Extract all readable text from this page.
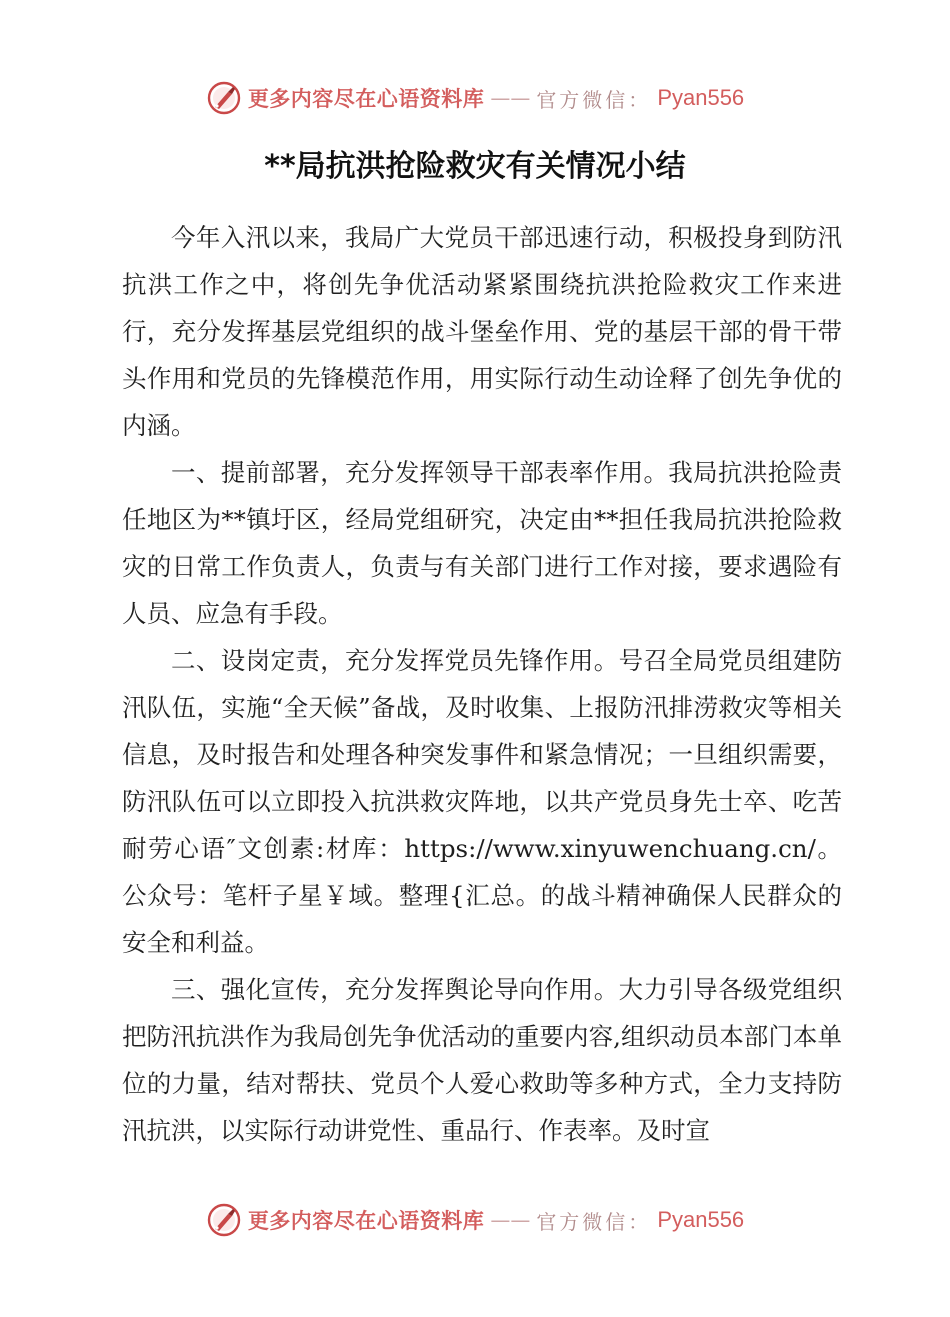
更多内容尽在心语资料库 —— 官方微信： Pyan556
**局抗洪抢险救灾有关情况小结

今年入汛以来，我局广大党员干部迅速行动，积极投身到防汛抗洪工作之中，将创先争优活动紧紧围绕抗洪抢险救灾工作来进行，充分发挥基层党组织的战斗堡垒作用、党的基层干部的骨干带头作用和党员的先锋模范作用，用实际行动生动诠释了创先争优的内涵。

一、提前部署，充分发挥领导干部表率作用。我局抗洪抢险责任地区为**镇圩区，经局党组研究，决定由**担任我局抗洪抢险救灾的日常工作负责人，负责与有关部门进行工作对接，要求遇险有人员、应急有手段。

二、设岗定责，充分发挥党员先锋作用。号召全局党员组建防汛队伍，实施“全天候”备战，及时收集、上报防汛排涝救灾等相关信息，及时报告和处理各种突发事件和紧急情况；一旦组织需要，防汛队伍可以立即投入抗洪救灾阵地，以共产党员身先士卒、吃苦耐劳心语″文创素:材库：https://www.xinyuwenchuang.cn/。公众号：笔杆子星￥域。整理{汇总。的战斗精神确保人民群众的安全和利益。

三、强化宣传，充分发挥舆论导向作用。大力引导各级党组织把防汛抗洪作为我局创先争优活动的重要内容,组织动员本部门本单位的力量，结对帮扶、党员个人爱心救助等多种方式，全力支持防汛抗洪，以实际行动讲党性、重品行、作表率。及时宣

更多内容尽在心语资料库 —— 官方微信： Pyan556
